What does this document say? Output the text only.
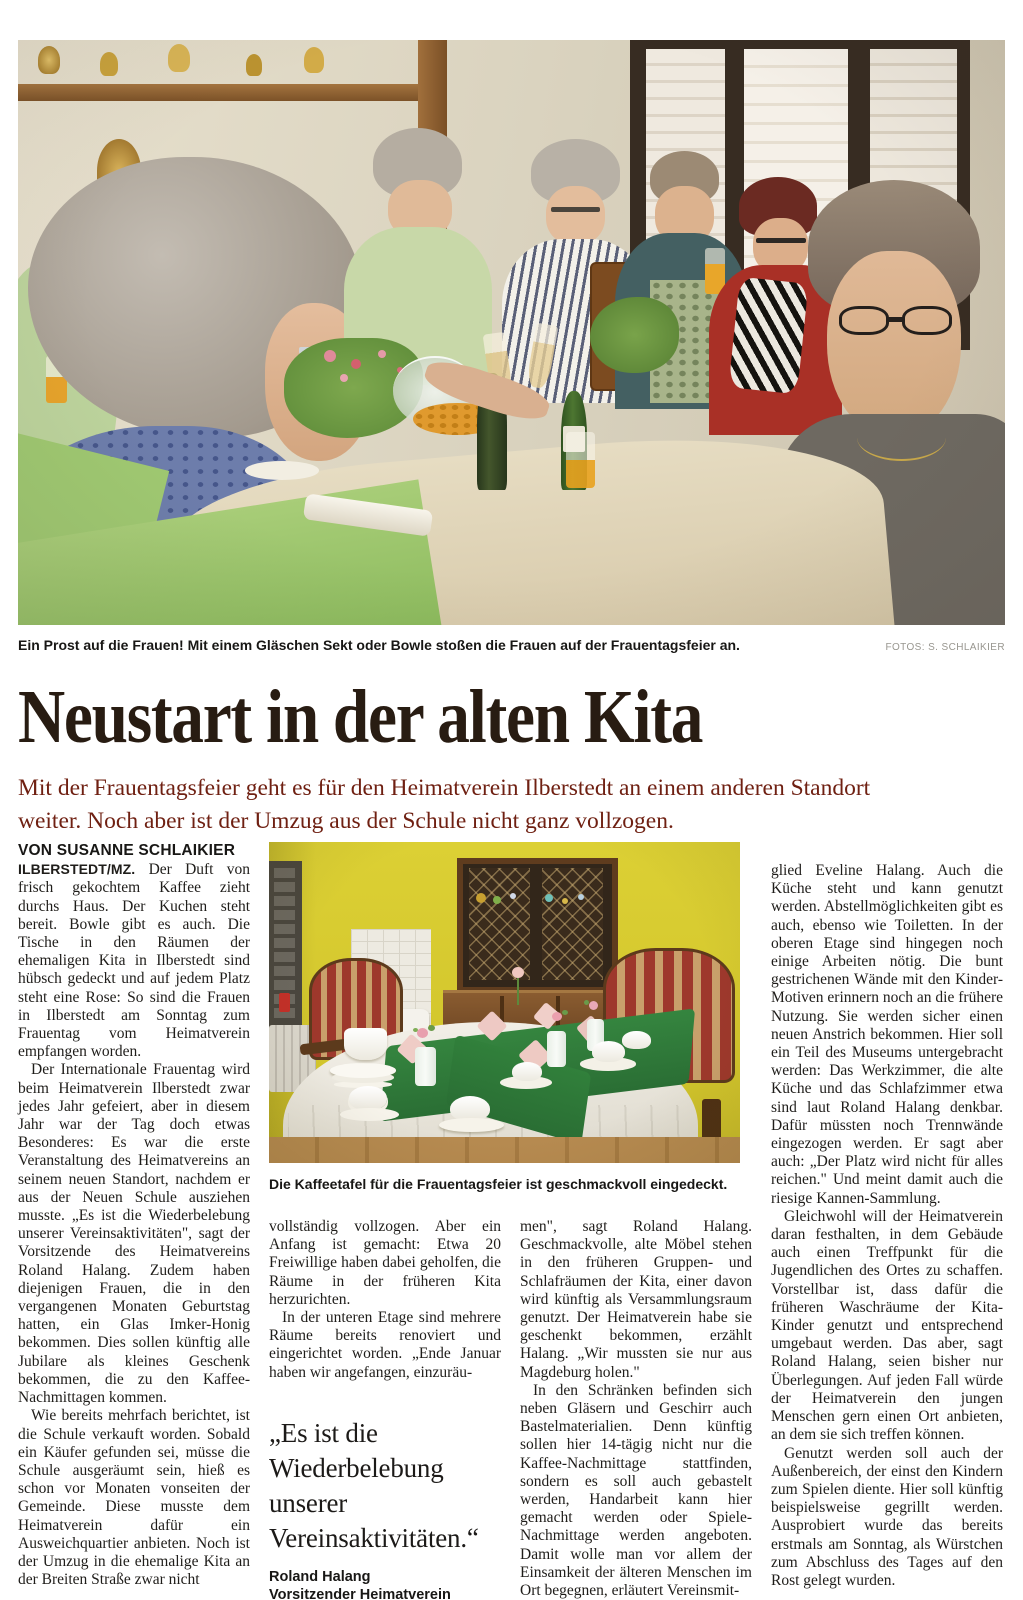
Ein Prost auf die Frauen! Mit einem Gläschen Sekt oder Bowle stoßen die Frauen auf der Frauentagsfeier an.	FOTOS: S. SCHLAIKIER
Neustart in der alten Kita

Mit der Frauentagsfeier geht es für den Heimatverein Ilberstedt an einem anderen Standort
weiter. Noch aber ist der Umzug aus der Schule nicht ganz vollzogen.

VON SUSANNE SCHLAIKIER

ILBERSTEDT/MZ. Der Duft von frisch gekochtem Kaffee zieht durchs Haus. Der Kuchen steht bereit. Bowle gibt es auch. Die Tische in den Räumen der ehemaligen Kita in Ilberstedt sind hübsch gedeckt und auf jedem Platz steht eine Rose: So sind die Frauen in Ilberstedt am Sonntag zum Frauentag vom Heimatverein empfangen worden.

Der Internationale Frauentag wird beim Heimatverein Ilberstedt zwar jedes Jahr gefeiert, aber in diesem Jahr war der Tag doch etwas Besonderes: Es war die erste Veranstaltung des Heimatvereins an seinem neuen Standort, nachdem er aus der Neuen Schule ausziehen musste. „Es ist die Wiederbelebung unserer Vereinsaktivitäten", sagt der Vorsitzende des Heimatvereins Roland Halang. Zudem haben diejenigen Frauen, die in den vergangenen Monaten Geburtstag hatten, ein Glas Imker-Honig bekommen. Dies sollen künftig alle Jubilare als kleines Geschenk bekommen, die zu den Kaffee-Nachmittagen kommen.

Wie bereits mehrfach berichtet, ist die Schule verkauft worden. Sobald ein Käufer gefunden sei, müsse die Schule ausgeräumt sein, hieß es schon vor Monaten vonseiten der Gemeinde. Diese musste dem Heimatverein dafür ein Ausweichquartier anbieten. Noch ist der Umzug in die ehemalige Kita an der Breiten Straße zwar nicht

Die Kaffeetafel für die Frauentagsfeier ist geschmackvoll eingedeckt.

vollständig vollzogen. Aber ein Anfang ist gemacht: Etwa 20 Freiwillige haben dabei geholfen, die Räume in der früheren Kita herzurichten.

In der unteren Etage sind mehrere Räume bereits renoviert und eingerichtet worden. „Ende Januar haben wir angefangen, einzuräu-

„Es ist die Wiederbelebung unserer Vereinsaktivitäten.“
Roland Halang
Vorsitzender Heimatverein

men", sagt Roland Halang. Geschmackvolle, alte Möbel stehen in den früheren Gruppen- und Schlafräumen der Kita, einer davon wird künftig als Versammlungsraum genutzt. Der Heimatverein habe sie geschenkt bekommen, erzählt Halang. „Wir mussten sie nur aus Magdeburg holen."

In den Schränken befinden sich neben Gläsern und Geschirr auch Bastelmaterialien. Denn künftig sollen hier 14-tägig nicht nur die Kaffee-Nachmittage stattfinden, sondern es soll auch gebastelt werden, Handarbeit kann hier gemacht werden oder Spiele-Nachmittage werden angeboten. Damit wolle man vor allem der Einsamkeit der älteren Menschen im Ort begegnen, erläutert Vereinsmit-

glied Eveline Halang. Auch die Küche steht und kann genutzt werden. Abstellmöglichkeiten gibt es auch, ebenso wie Toiletten. In der oberen Etage sind hingegen noch einige Arbeiten nötig. Die bunt gestrichenen Wände mit den Kinder-Motiven erinnern noch an die frühere Nutzung. Sie werden sicher einen neuen Anstrich bekommen. Hier soll ein Teil des Museums untergebracht werden: Das Werkzimmer, die alte Küche und das Schlafzimmer etwa sind laut Roland Halang denkbar. Dafür müssten noch Trennwände eingezogen werden. Er sagt aber auch: „Der Platz wird nicht für alles reichen." Und meint damit auch die riesige Kannen-Sammlung.

Gleichwohl will der Heimatverein daran festhalten, in dem Gebäude auch einen Treffpunkt für die Jugendlichen des Ortes zu schaffen. Vorstellbar ist, dass dafür die früheren Waschräume der Kita-Kinder genutzt und entsprechend umgebaut werden. Das aber, sagt Roland Halang, seien bisher nur Überlegungen. Auf jeden Fall würde der Heimatverein den jungen Menschen gern einen Ort anbieten, an dem sie sich treffen können.

Genutzt werden soll auch der Außenbereich, der einst den Kindern zum Spielen diente. Hier soll künftig beispielsweise gegrillt werden. Ausprobiert wurde das bereits erstmals am Sonntag, als Würstchen zum Abschluss des Tages auf den Rost gelegt wurden.
